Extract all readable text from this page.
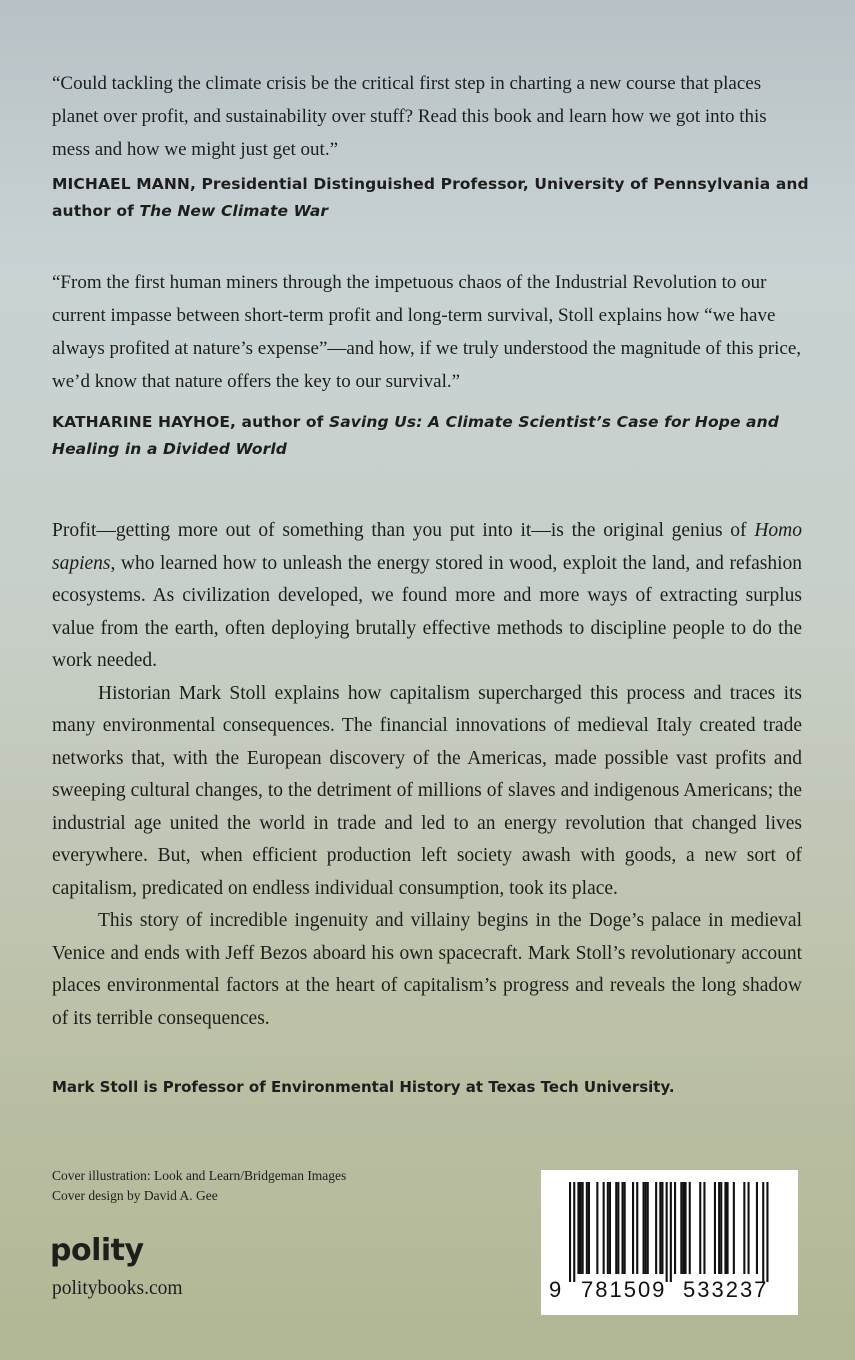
“Could tackling the climate crisis be the critical first step in charting a new course that places planet over profit, and sustainability over stuff? Read this book and learn how we got into this mess and how we might just get out.”
MICHAEL MANN, Presidential Distinguished Professor, University of Pennsylvania and author of The New Climate War
“From the first human miners through the impetuous chaos of the Industrial Revolution to our current impasse between short-term profit and long-term survival, Stoll explains how “we have always profited at nature’s expense”—and how, if we truly understood the magnitude of this price, we’d know that nature offers the key to our survival.”
KATHARINE HAYHOE, author of Saving Us: A Climate Scientist’s Case for Hope and Healing in a Divided World

Profit—getting more out of something than you put into it—is the original genius of Homo sapiens, who learned how to unleash the energy stored in wood, exploit the land, and refashion ecosystems. As civilization developed, we found more and more ways of extracting surplus value from the earth, often deploying brutally effective methods to discipline people to do the work needed.

Historian Mark Stoll explains how capitalism supercharged this process and traces its many environmental consequences. The financial innovations of medieval Italy created trade networks that, with the European discovery of the Americas, made possible vast profits and sweeping cultural changes, to the detriment of millions of slaves and indigenous Americans; the industrial age united the world in trade and led to an energy revolution that changed lives everywhere. But, when efficient production left society awash with goods, a new sort of capitalism, predicated on endless individual consumption, took its place.

This story of incredible ingenuity and villainy begins in the Doge’s palace in medieval Venice and ends with Jeff Bezos aboard his own spacecraft. Mark Stoll’s revolutionary account places environmental factors at the heart of capitalism’s progress and reveals the long shadow of its terrible consequences.

Mark Stoll is Professor of Environmental History at Texas Tech University.
Cover illustration: Look and Learn/Bridgeman Images
Cover design by David A. Gee
polity
politybooks.com	9 781509 533237
